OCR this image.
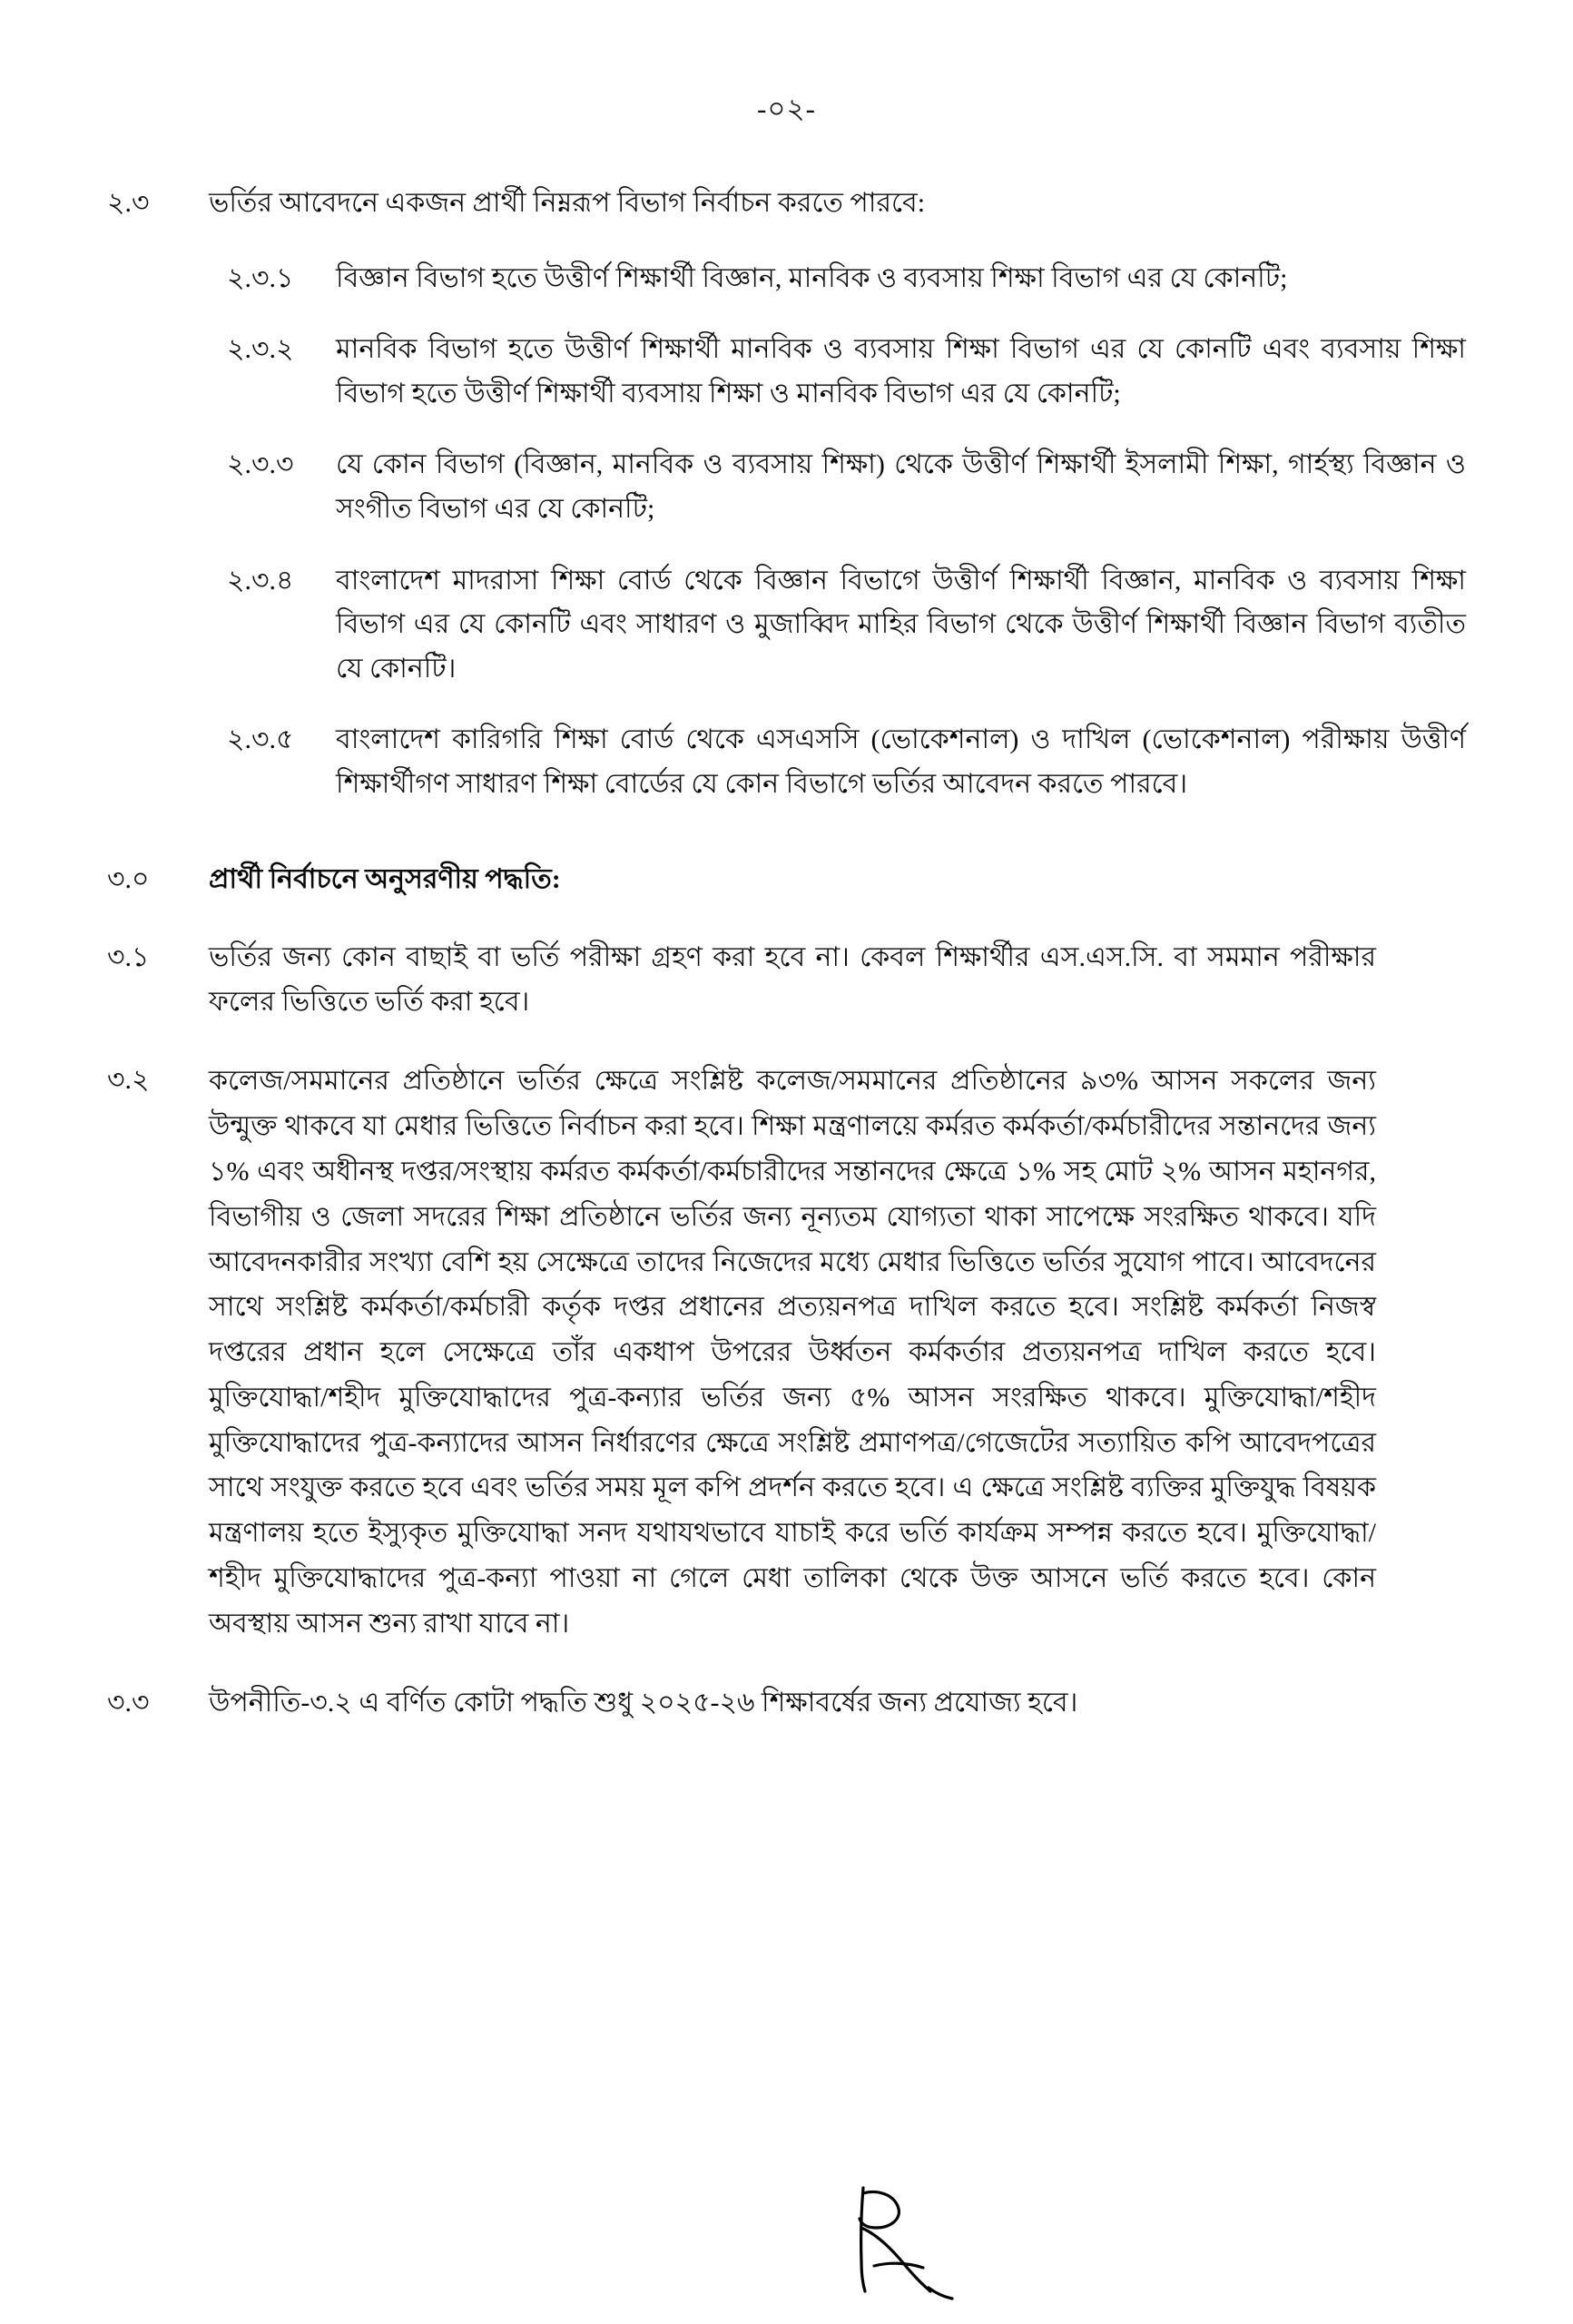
-০২-
২.৩	ভর্তির আবেদনে একজন প্রার্থী নিম্নরূপ বিভাগ নির্বাচন করতে পারবে:
২.৩.১	বিজ্ঞান বিভাগ হতে উত্তীর্ণ শিক্ষার্থী বিজ্ঞান, মানবিক ও ব্যবসায় শিক্ষা বিভাগ এর যে কোনটি;
২.৩.২	মানবিক বিভাগ হতে উত্তীর্ণ শিক্ষার্থী মানবিক ও ব্যবসায় শিক্ষা বিভাগ এর যে কোনটি এবং ব্যবসায় শিক্ষা বিভাগ হতে উত্তীর্ণ শিক্ষার্থী ব্যবসায় শিক্ষা ও মানবিক বিভাগ এর যে কোনটি;
২.৩.৩	যে কোন বিভাগ (বিজ্ঞান, মানবিক ও ব্যবসায় শিক্ষা) থেকে উত্তীর্ণ শিক্ষার্থী ইসলামী শিক্ষা, গার্হস্থ্য বিজ্ঞান ও সংগীত বিভাগ এর যে কোনটি;
২.৩.৪	বাংলাদেশ মাদরাসা শিক্ষা বোর্ড থেকে বিজ্ঞান বিভাগে উত্তীর্ণ শিক্ষার্থী বিজ্ঞান, মানবিক ও ব্যবসায় শিক্ষা বিভাগ এর যে কোনটি এবং সাধারণ ও মুজাব্বিদ মাহির বিভাগ থেকে উত্তীর্ণ শিক্ষার্থী বিজ্ঞান বিভাগ ব্যতীত যে কোনটি।
২.৩.৫	বাংলাদেশ কারিগরি শিক্ষা বোর্ড থেকে এসএসসি (ভোকেশনাল) ও দাখিল (ভোকেশনাল) পরীক্ষায় উত্তীর্ণ শিক্ষার্থীগণ সাধারণ শিক্ষা বোর্ডের যে কোন বিভাগে ভর্তির আবেদন করতে পারবে।
৩.০	প্রার্থী নির্বাচনে অনুসরণীয় পদ্ধতি:
৩.১	ভর্তির জন্য কোন বাছাই বা ভর্তি পরীক্ষা গ্রহণ করা হবে না। কেবল শিক্ষার্থীর এস.এস.সি. বা সমমান পরীক্ষার ফলের ভিত্তিতে ভর্তি করা হবে।
৩.২	কলেজ/সমমানের প্রতিষ্ঠানে ভর্তির ক্ষেত্রে সংশ্লিষ্ট কলেজ/সমমানের প্রতিষ্ঠানের ৯৩% আসন সকলের জন্য উন্মুক্ত থাকবে যা মেধার ভিত্তিতে নির্বাচন করা হবে। শিক্ষা মন্ত্রণালয়ে কর্মরত কর্মকর্তা/কর্মচারীদের সন্তানদের জন্য ১% এবং অধীনস্থ দপ্তর/সংস্থায় কর্মরত কর্মকর্তা/কর্মচারীদের সন্তানদের ক্ষেত্রে ১% সহ মোট ২% আসন মহানগর, বিভাগীয় ও জেলা সদরের শিক্ষা প্রতিষ্ঠানে ভর্তির জন্য নূন্যতম যোগ্যতা থাকা সাপেক্ষে সংরক্ষিত থাকবে। যদি আবেদনকারীর সংখ্যা বেশি হয় সেক্ষেত্রে তাদের নিজেদের মধ্যে মেধার ভিত্তিতে ভর্তির সুযোগ পাবে। আবেদনের সাথে সংশ্লিষ্ট কর্মকর্তা/কর্মচারী কর্তৃক দপ্তর প্রধানের প্রত্যয়নপত্র দাখিল করতে হবে। সংশ্লিষ্ট কর্মকর্তা নিজস্ব দপ্তরের প্রধান হলে সেক্ষেত্রে তাঁর একধাপ উপরের উর্ধ্বতন কর্মকর্তার প্রত্যয়নপত্র দাখিল করতে হবে। মুক্তিযোদ্ধা/শহীদ মুক্তিযোদ্ধাদের পুত্র-কন্যার ভর্তির জন্য ৫% আসন সংরক্ষিত থাকবে। মুক্তিযোদ্ধা/শহীদ মুক্তিযোদ্ধাদের পুত্র-কন্যাদের আসন নির্ধারণের ক্ষেত্রে সংশ্লিষ্ট প্রমাণপত্র/গেজেটের সত্যায়িত কপি আবেদপত্রের সাথে সংযুক্ত করতে হবে এবং ভর্তির সময় মূল কপি প্রদর্শন করতে হবে। এ ক্ষেত্রে সংশ্লিষ্ট ব্যক্তির মুক্তিযুদ্ধ বিষয়ক মন্ত্রণালয় হতে ইস্যুকৃত মুক্তিযোদ্ধা সনদ যথাযথভাবে যাচাই করে ভর্তি কার্যক্রম সম্পন্ন করতে হবে। মুক্তিযোদ্ধা/শহীদ মুক্তিযোদ্ধাদের পুত্র-কন্যা পাওয়া না গেলে মেধা তালিকা থেকে উক্ত আসনে ভর্তি করতে হবে। কোন অবস্থায় আসন শুন্য রাখা যাবে না।
৩.৩	উপনীতি-৩.২ এ বর্ণিত কোটা পদ্ধতি শুধু ২০২৫-২৬ শিক্ষাবর্ষের জন্য প্রযোজ্য হবে।
